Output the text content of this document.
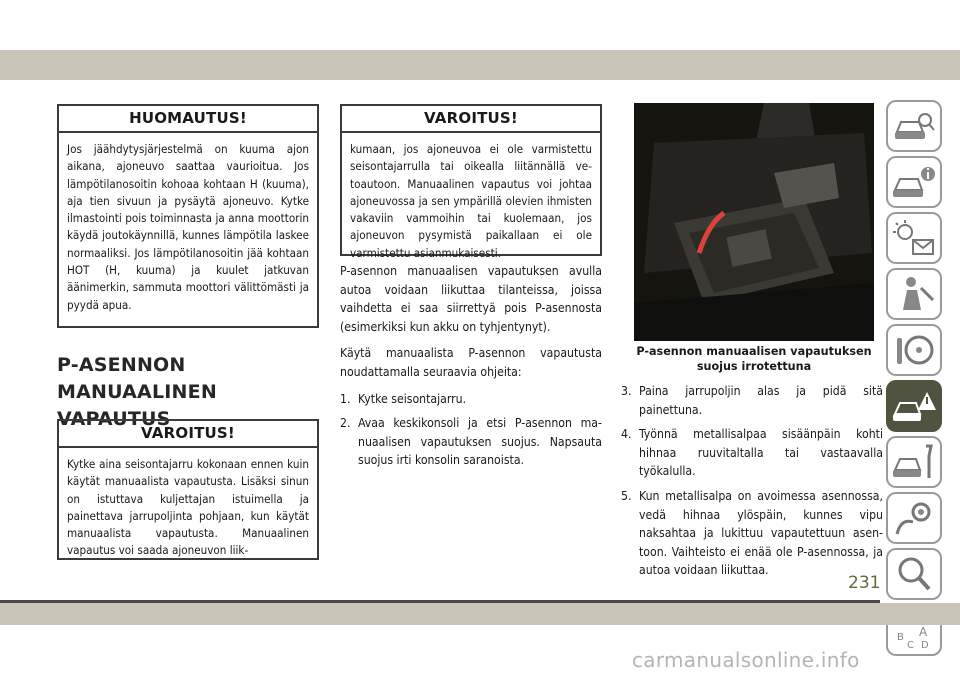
HUOMAUTUS!
Jos jäähdytysjärjestelmä on kuuma ajon aikana, ajoneuvo saattaa vaurioitua. Jos lämpötilanosoitin kohoaa kohtaan H (kuuma), aja tien sivuun ja pysäytä ajoneuvo. Kytke ilmastointi pois toiminnasta ja anna moottorin käydä joutokäynnillä, kunnes lämpötila laskee normaaliksi. Jos lämpötilanosoitin jää kohtaan HOT (H, kuuma) ja kuulet jatkuvan äänimerkin, sammuta moottori välittömästi ja pyydä apua.
P-ASENNON MANUAALINEN VAPAUTUS
VAROITUS!
Kytke aina seisontajarru kokonaan ennen kuin käytät manuaalista vapautusta. Lisäksi sinun on istuttava kuljettajan istuimella ja painettava jarrupoljinta pohjaan, kun käytät manuaalista vapautusta. Manuaalinen vapautus voi saada ajoneuvon liik-
VAROITUS!
kumaan, jos ajoneuvoa ei ole varmistettu seisontajarrulla tai oikealla liitännällä vetoautoon. Manuaalinen vapautus voi johtaa ajoneuvossa ja sen ympärillä olevien ihmisten vakaviin vammoihin tai kuolemaan, jos ajoneuvon pysymistä paikallaan ei ole varmistettu asianmukaisesti.

P-asennon manuaalisen vapautuksen avulla autoa voidaan liikuttaa tilanteissa, joissa vaihdetta ei saa siirrettyä pois P-asennosta (esimerkiksi kun akku on tyhjentynyt).

Käytä manuaalista P-asennon vapautusta noudattamalla seuraavia ohjeita:

1. Kytke seisontajarru.
2. Avaa keskikonsoli ja etsi P-asennon manuaalisen vapautuksen suojus. Napsauta suojus irti konsolin saranoista.
P-asennon manuaalisen vapautuksen
suojus irrotettuna
3. Paina jarrupoljin alas ja pidä sitä painettuna.
4. Työnnä metallisalpaa sisäänpäin kohti hihnaa ruuvitaltalla tai vastaavalla työkalulla.
5. Kun metallisalpa on avoimessa asennossa, vedä hihnaa ylöspäin, kunnes vipu naksahtaa ja lukittuu vapautettuun asentoon. Vaihteisto ei enää ole P-asennossa, ja autoa voidaan liikuttaa.
B A
C D
231
carmanualsonline.info
